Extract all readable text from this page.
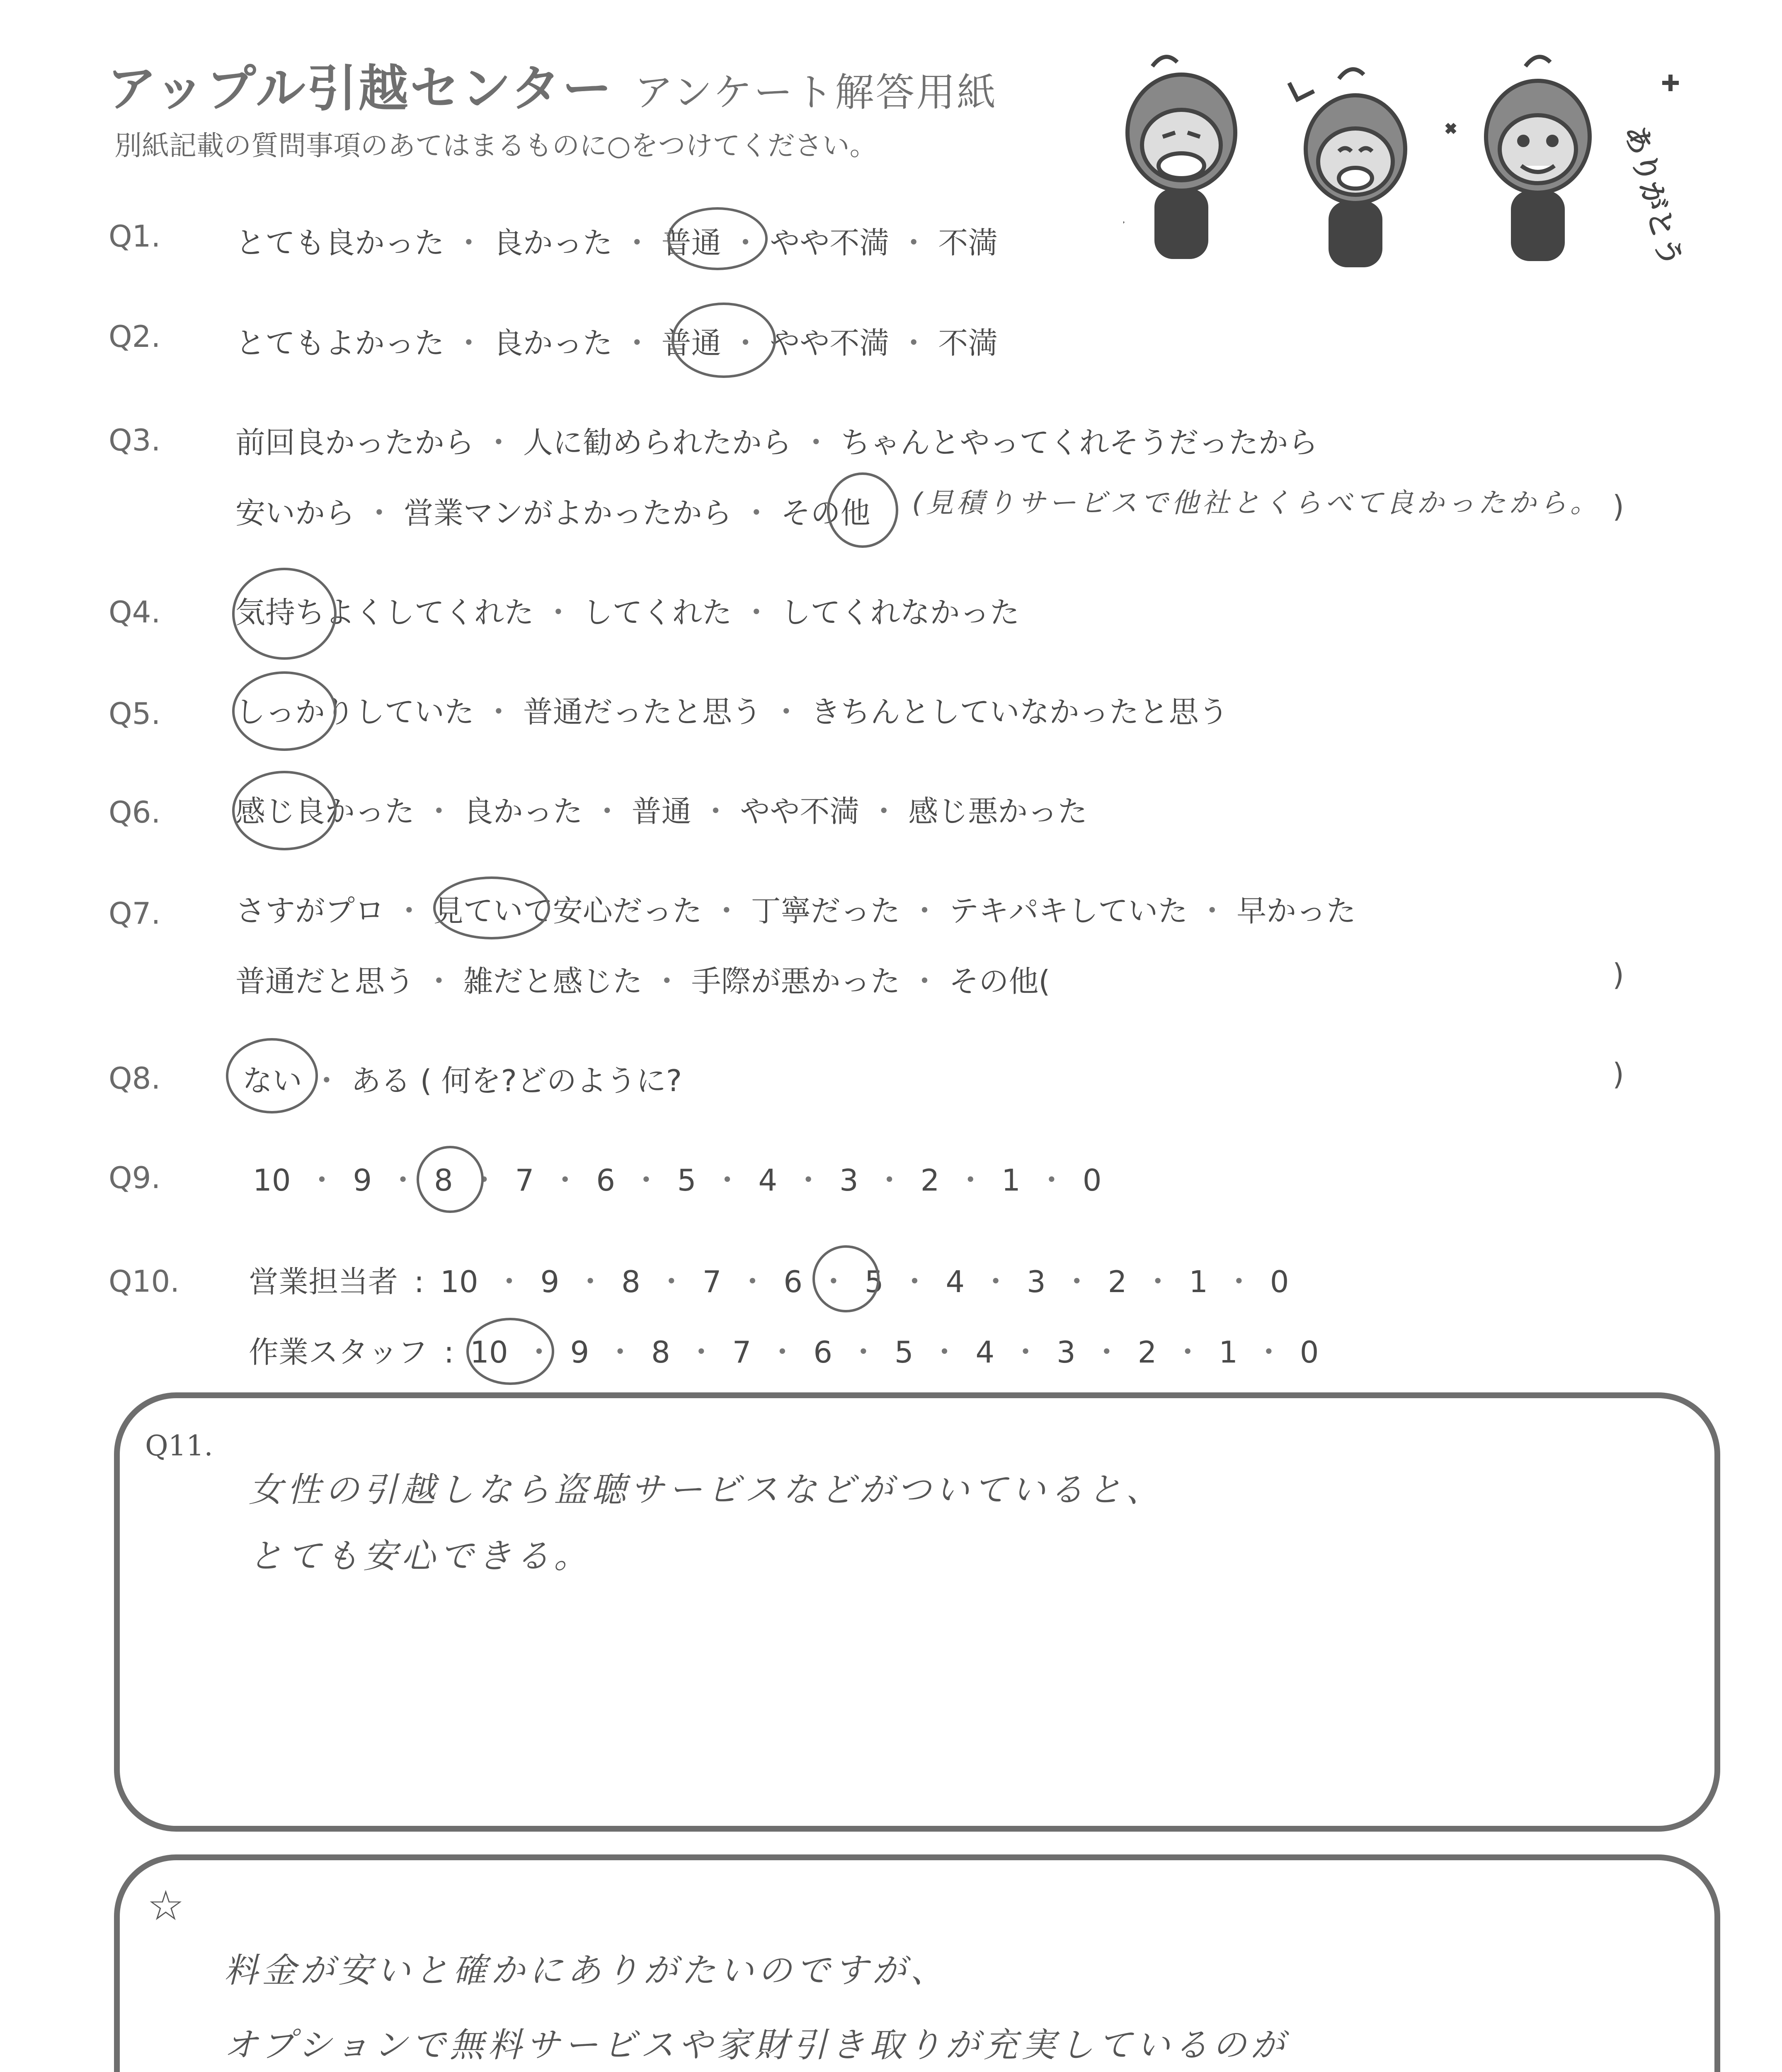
アップル引越センター アンケート解答用紙
別紙記載の質問事項のあてはまるものに○をつけてください。	ありがとう
Q1.	とても良かった ・ 良かった ・ 普通 ・ やや不満 ・ 不満
Q2.	とてもよかった ・ 良かった ・ 普通 ・ やや不満 ・ 不満
Q3.	前回良かったから ・ 人に勧められたから ・ ちゃんとやってくれそうだったから
安いから ・ 営業マンがよかったから ・ その他 (見積りサービスで他社とくらべて良かったから。 )
Q4.	気持ちよくしてくれた ・ してくれた ・ してくれなかった
Q5.	しっかりしていた ・ 普通だったと思う ・ きちんとしていなかったと思う
Q6.	感じ良かった ・ 良かった ・ 普通 ・ やや不満 ・ 感じ悪かった
Q7.	さすがプロ ・ 見ていて安心だった ・ 丁寧だった ・ テキパキしていた ・ 早かった
普通だと思う ・ 雑だと感じた ・ 手際が悪かった ・ その他(	)
Q8.	ない ・ ある ( 何を?どのように?	)
Q9.	10 ・ 9 ・ 8 ・ 7 ・ 6 ・ 5 ・ 4 ・ 3 ・ 2 ・ 1 ・ 0
Q10. 営業担当者 : 10 ・ 9 ・ 8 ・ 7 ・ 6 ・ 5 ・ 4 ・ 3 ・ 2 ・ 1 ・ 0
作業スタッフ : 10 ・ 9 ・ 8 ・ 7 ・ 6 ・ 5 ・ 4 ・ 3 ・ 2 ・ 1 ・ 0
Q11.
女性の引越しなら盗聴サービスなどがついていると、
とても安心できる。
☆
料金が安いと確かにありがたいのですが、
オプションで無料サービスや家財引き取りが充実しているのが
